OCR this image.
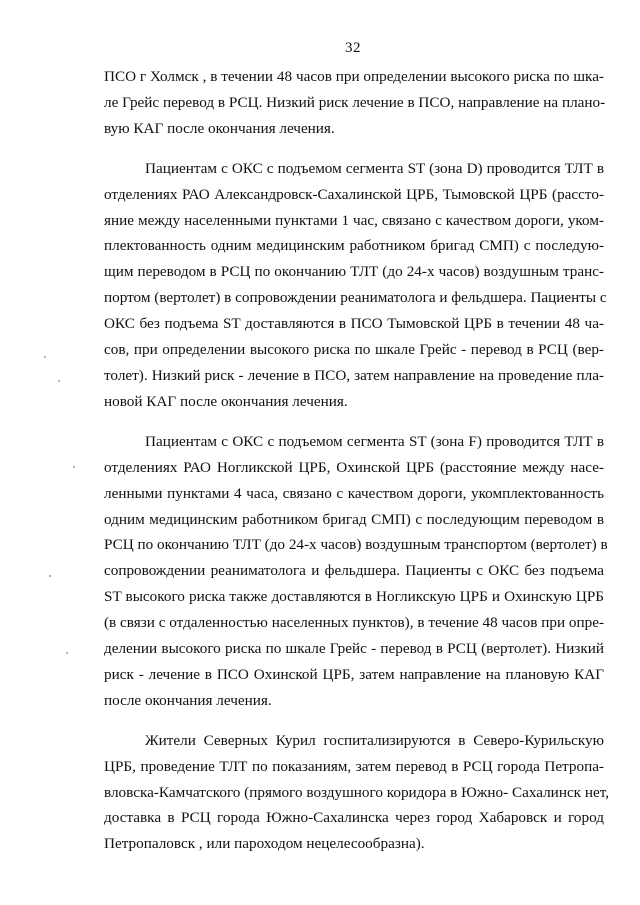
32

ПСО г Холмск , в течении 48 часов при определении высокого риска по шка-
ле Грейс перевод в РСЦ. Низкий риск лечение в ПСО, направление на плано-
вую КАГ после окончания лечения.

Пациентам с ОКС с подъемом сегмента ST (зона D) проводится ТЛТ в
отделениях РАО Александровск-Сахалинской ЦРБ, Тымовской ЦРБ (рассто-
яние между населенными пунктами 1 час, связано с качеством дороги, уком-
плектованность одним медицинским работником бригад СМП) с последую-
щим переводом в РСЦ по окончанию ТЛТ (до 24-х часов) воздушным транс-
портом (вертолет) в сопровождении реаниматолога и фельдшера. Пациенты с
ОКС без подъема ST доставляются в ПСО Тымовской ЦРБ в течении 48 ча-
сов, при определении высокого риска по шкале Грейс - перевод в РСЦ (вер-
толет). Низкий риск - лечение в ПСО, затем направление на проведение пла-
новой КАГ после окончания лечения.

Пациентам с ОКС с подъемом сегмента ST (зона F) проводится ТЛТ в
отделениях РАО Ногликской ЦРБ, Охинской ЦРБ (расстояние между насе-
ленными пунктами 4 часа, связано с качеством дороги, укомплектованность
одним медицинским работником бригад СМП) с последующим переводом в
РСЦ по окончанию ТЛТ (до 24-х часов) воздушным транспортом (вертолет) в
сопровождении реаниматолога и фельдшера. Пациенты с ОКС без подъема
ST высокого риска также доставляются в Ногликскую ЦРБ и Охинскую ЦРБ
(в связи с отдаленностью населенных пунктов), в течение 48 часов при опре-
делении высокого риска по шкале Грейс - перевод в РСЦ (вертолет). Низкий
риск - лечение в ПСО Охинской ЦРБ, затем направление на плановую КАГ
после окончания лечения.

Жители Северных Курил госпитализируются в Северо-Курильскую
ЦРБ, проведение ТЛТ по показаниям, затем перевод в РСЦ города Петропа-
вловска-Камчатского (прямого воздушного коридора в Южно- Сахалинск нет,
доставка в РСЦ города Южно-Сахалинска через город Хабаровск и город
Петропаловск , или пароходом нецелесообразна).
